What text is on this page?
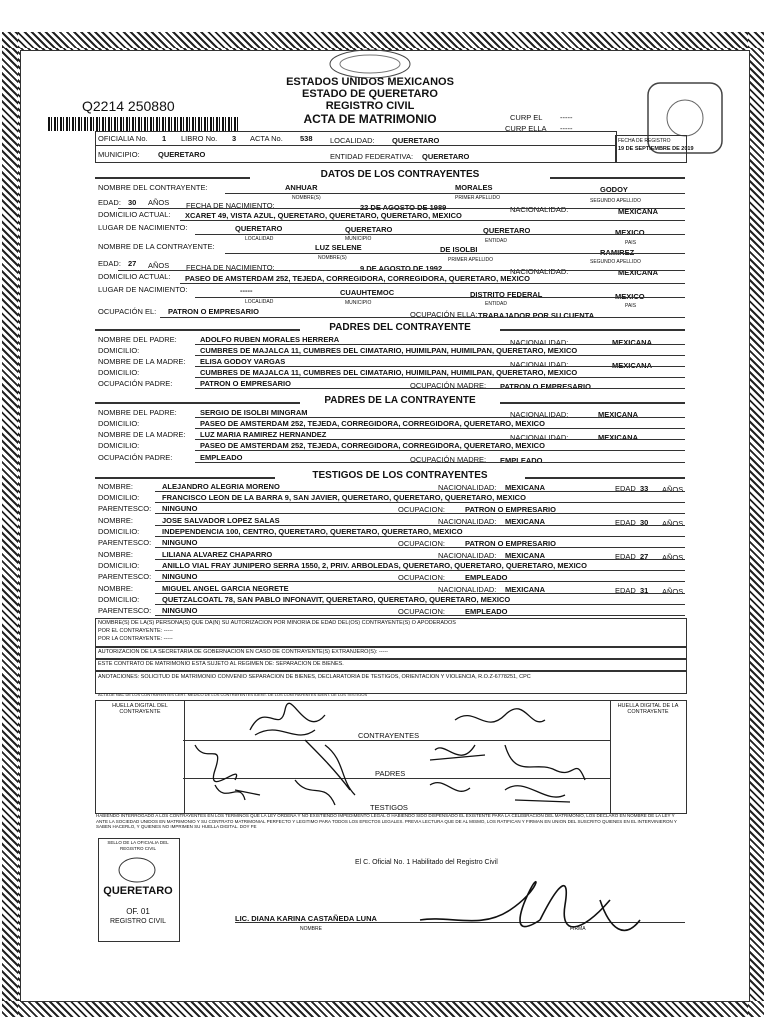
ESTADOS UNIDOS MEXICANOS
ESTADO DE QUERETARO
REGISTRO CIVIL
ACTA DE MATRIMONIO
Q2214 250880
CURP EL -----
CURP ELLA -----
OFICIALIA No. 1 LIBRO No. 3 ACTA No. 538 LOCALIDAD: QUERETARO
MUNICIPIO: QUERETARO	ENTIDAD FEDERATIVA: QUERETARO
FECHA DE REGISTRO
19 DE SEPTIEMBRE DE 2019
DATOS DE LOS CONTRAYENTES
NOMBRE DEL CONTRAYENTE:	ANHUAR	MORALES	GODOY
NOMBRE(S)	PRIMER APELLIDO	SEGUNDO APELLIDO
EDAD: 30 AÑOS FECHA DE NACIMIENTO:	22 DE AGOSTO DE 1989	NACIONALIDAD:	MEXICANA
DOMICILIO ACTUAL: XCARET 49, VISTA AZUL, QUERETARO, QUERETARO, QUERETARO, MEXICO
LUGAR DE NACIMIENTO:	QUERETARO	QUERETARO	QUERETARO	MEXICO
LOCALIDAD	MUNICIPIO	ENTIDAD	PAIS
NOMBRE DE LA CONTRAYENTE:	LUZ SELENE	DE ISOLBI	RAMIREZ
NOMBRE(S)	PRIMER APELLIDO	SEGUNDO APELLIDO
EDAD: 27 AÑOS FECHA DE NACIMIENTO:	9 DE AGOSTO DE 1992	NACIONALIDAD:	MEXICANA
DOMICILIO ACTUAL: PASEO DE AMSTERDAM 252, TEJEDA, CORREGIDORA, CORREGIDORA, QUERETARO, MEXICO
LUGAR DE NACIMIENTO:	-----	CUAUHTEMOC	DISTRITO FEDERAL	MEXICO
LOCALIDAD	MUNICIPIO	ENTIDAD	PAIS
OCUPACIÓN EL: PATRON O EMPRESARIO	OCUPACIÓN ELLA: TRABAJADOR POR SU CUENTA
PADRES DEL CONTRAYENTE
NOMBRE DEL PADRE:	ADOLFO RUBEN MORALES HERRERA	NACIONALIDAD:	MEXICANA
DOMICILIO:	CUMBRES DE MAJALCA 11, CUMBRES DEL CIMATARIO, HUIMILPAN, HUIMILPAN, QUERETARO, MEXICO
NOMBRE DE LA MADRE: ELISA GODOY VARGAS	NACIONALIDAD:	MEXICANA
DOMICILIO:	CUMBRES DE MAJALCA 11, CUMBRES DEL CIMATARIO, HUIMILPAN, HUIMILPAN, QUERETARO, MEXICO
OCUPACIÓN PADRE:	PATRON O EMPRESARIO	OCUPACIÓN MADRE: PATRON O EMPRESARIO
PADRES DE LA CONTRAYENTE
NOMBRE DEL PADRE:	SERGIO DE ISOLBI MINGRAM	NACIONALIDAD:	MEXICANA
DOMICILIO:	PASEO DE AMSTERDAM 252, TEJEDA, CORREGIDORA, CORREGIDORA, QUERETARO, MEXICO
NOMBRE DE LA MADRE: LUZ MARIA RAMIREZ HERNANDEZ	NACIONALIDAD:	MEXICANA
DOMICILIO:	PASEO DE AMSTERDAM 252, TEJEDA, CORREGIDORA, CORREGIDORA, QUERETARO, MEXICO
OCUPACIÓN PADRE:	EMPLEADO	OCUPACIÓN MADRE: EMPLEADO
TESTIGOS DE LOS CONTRAYENTES
NOMBRE:	ALEJANDRO ALEGRIA MORENO	NACIONALIDAD: MEXICANA	EDAD 33 AÑOS
DOMICILIO:	FRANCISCO LEON DE LA BARRA 9, SAN JAVIER, QUERETARO, QUERETARO, QUERETARO, MEXICO
PARENTESCO: NINGUNO	OCUPACION:	PATRON O EMPRESARIO
NOMBRE:	JOSE SALVADOR LOPEZ SALAS	NACIONALIDAD: MEXICANA	EDAD 30 AÑOS
DOMICILIO:	INDEPENDENCIA 100, CENTRO, QUERETARO, QUERETARO, QUERETARO, MEXICO
PARENTESCO: NINGUNO	OCUPACION:	PATRON O EMPRESARIO
NOMBRE:	LILIANA ALVAREZ CHAPARRO	NACIONALIDAD: MEXICANA	EDAD 27 AÑOS
DOMICILIO:	ANILLO VIAL FRAY JUNIPERO SERRA 1550, 2, PRIV. ARBOLEDAS, QUERETARO, QUERETARO, QUERETARO, MEXICO
PARENTESCO: NINGUNO	OCUPACION:	EMPLEADO
NOMBRE:	MIGUEL ANGEL GARCIA NEGRETE	NACIONALIDAD: MEXICANA	EDAD 31 AÑOS
DOMICILIO:	QUETZALCOATL 78, SAN PABLO INFONAVIT, QUERETARO, QUERETARO, QUERETARO, MEXICO
PARENTESCO: NINGUNO	OCUPACION:	EMPLEADO
NOMBRE(S) DE LA(S) PERSONA(S) QUE DA(N) SU AUTORIZACION POR MINORIA DE EDAD DEL(OS) CONTRAYENTE(S) O APODERADOS
POR EL CONTRAYENTE: -----
POR LA CONTRAYENTE: -----
AUTORIZACION DE LA SECRETARIA DE GOBERNACION EN CASO DE CONTRAYENTE(S) EXTRANJERO(S): -----
ESTE CONTRATO DE MATRIMONIO ESTA SUJETO AL REGIMEN DE: SEPARACION DE BIENES.
ANOTACIONES: SOLICITUD DE MATRIMONIO CONVENIO SEPARACION DE BIENES, DECLARATORIA DE TESTIGOS, ORIENTACION Y VIOLENCIA, R.O.Z-6778251, CPC
ACTA DE NAC DE LOS CONTRAYENTES CERT. MEDICO DE LOS CONTRAYENTES IDENT. DE LOS CONTRAYENTES IDENT. DE LOS TESTIGOS
HUELLA DIGITAL DEL CONTRAYENTE
HUELLA DIGITAL DE LA CONTRAYENTE
CONTRAYENTES
PADRES
TESTIGOS
HABIENDO INTERROGADO A LOS CONTRAYENTES EN LOS TERMINOS QUE LA LEY ORDENA Y NO EXISTIENDO IMPEDIMENTO LEGAL O HABIENDO SIDO DISPENSADO EL EXISTENTE PARA LA CELEBRACION DEL MATRIMONIO, LOS DECLARO EN NOMBRE DE LA LEY Y ANTE LA SOCIEDAD UNIDOS EN MATRIMONIO Y SU CONTRATO MATRIMONIAL PERFECTO Y LEGITIMO PARA TODOS LOS EFECTOS LEGALES. PREVIA LECTURA QUE DE AL MISMO, LOS RATIFICAN Y FIRMAN EN UNION DEL SUSCRITO QUIENES EN EL INTERVINIERON Y SABEN HACERLO, Y QUIENES NO IMPRIMEN SU HUELLA DIGITAL. DOY FE
SELLO DE LA OFICIALIA DEL REGISTRO CIVIL
QUERETARO
OF. 01
REGISTRO CIVIL
El C. Oficial No. 1 Habilitado del Registro Civil
LIC. DIANA KARINA CASTAÑEDA LUNA
NOMBRE	FIRMA
